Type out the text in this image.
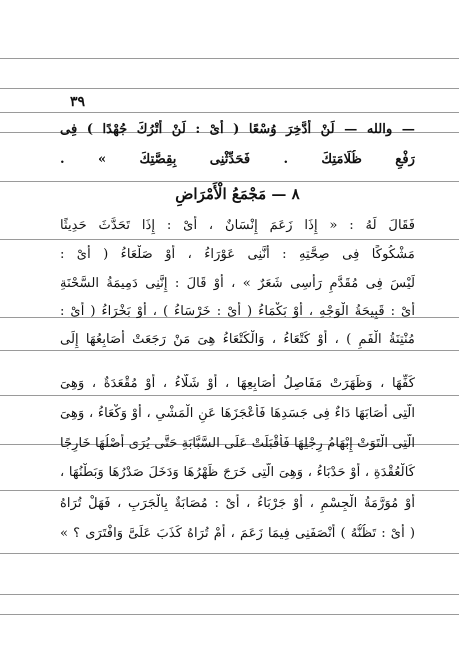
٣٩
— والله — لَنْ أَدَّخِرَ وُسْعًا ( أَىْ : لَنْ أَتْرُكَ جُهْدًا ) فِى
رَفْعِ ظُلَامَتِكَ . فَحَدِّثْنِى بِقِصَّتِكَ » .
٨ — مَجْمَعُ الْأَمْرَاضِ
فَقَالَ لَهُ : « إِذَا زَعَمَ إِنْسَانٌ ، أَىْ : إِذَا تَحَدَّثَ حَدِيثًا
مَشْكُوكًا فِى صِحَّتِهِ : أَنَّنِى عَوْرَاءُ ، أَوْ صَلْعَاءُ ( أَىْ :
لَيْسَ فِى مُقَدَّمِ رَأْسِى شَعَرٌ » ، أَوْ قَالَ : إِنَّنِى دَمِيمَةُ السَّحْنَةِ
أَىْ : قَبِيحَةُ الْوَجْهِ ، أَوْ بَكْمَاءُ ( أَىْ : خَرْسَاءُ ) ، أَوْ بَخْرَاءُ ( أَىْ :
مُنْتِنَةُ الْفَمِ ) ، أَوْ كَتْعَاءُ ، وَالْكَتْعَاءُ هِىَ مَنْ رَجَعَتْ أَصَابِعُهَا إِلَى
كَفِّهَا ، وَظَهَرَتْ مَفَاصِلُ أَصَابِعِهَا ، أَوْ شَلَّاءُ ، أَوْ مُقْعَدَةٌ ، وَهِىَ
الَّتِى أَصَابَهَا دَاءٌ فِى جَسَدِهَا فَأَعْجَزَهَا عَنِ الْمَشْىِ ، أَوْ وَكْعَاءُ ، وَهِىَ
الَّتِى الْتَوَتْ إِبْهَامُ رِجْلِهَا فَأَقْبَلَتْ عَلَى السَّبَّابَةِ حَتَّى يُرَى أَصْلُهَا خَارِجًا
كَالْعُقْدَةِ ، أَوْ حَدْبَاءُ ، وَهِىَ الَّتِى خَرَجَ ظَهْرُهَا وَدَخَلَ صَدْرُهَا وَبَطْنُهَا ،
أَوْ مُوَرَّمَةُ الْجِسْمِ ، أَوْ جَرْبَاءُ ، أَىْ : مُصَابَةٌ بِالْجَرَبِ ، فَهَلْ تُرَاهُ
( أَىْ : تَظُنُّهُ ) أَنْصَفَنِى فِيمَا زَعَمَ ، أَمْ تُرَاهُ كَذَبَ عَلَىَّ وَافْتَرَى ؟ »
